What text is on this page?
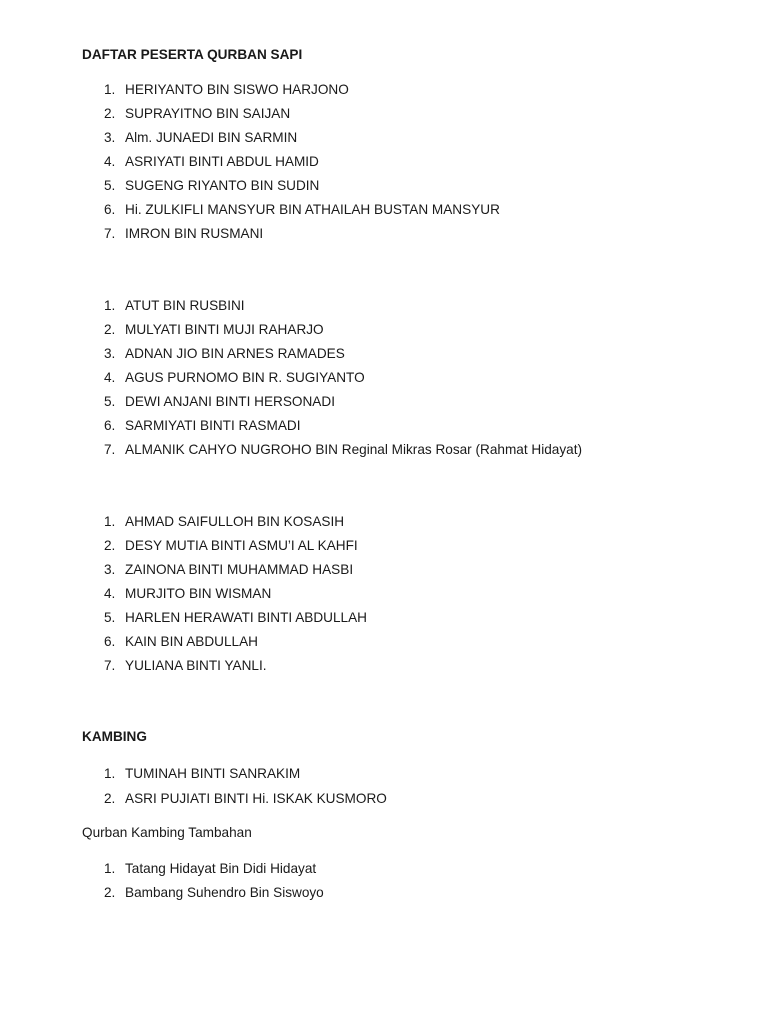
DAFTAR PESERTA QURBAN SAPI
1. HERIYANTO BIN SISWO HARJONO
2. SUPRAYITNO BIN SAIJAN
3. Alm. JUNAEDI BIN SARMIN
4. ASRIYATI BINTI ABDUL HAMID
5. SUGENG RIYANTO BIN SUDIN
6. Hi. ZULKIFLI MANSYUR BIN ATHAILAH BUSTAN MANSYUR
7. IMRON BIN RUSMANI
1. ATUT BIN RUSBINI
2. MULYATI BINTI MUJI RAHARJO
3. ADNAN JIO BIN ARNES RAMADES
4. AGUS PURNOMO BIN R. SUGIYANTO
5. DEWI ANJANI BINTI HERSONADI
6. SARMIYATI BINTI RASMADI
7. ALMANIK CAHYO NUGROHO BIN Reginal Mikras Rosar (Rahmat Hidayat)
1. AHMAD SAIFULLOH BIN KOSASIH
2. DESY MUTIA BINTI ASMU’I AL KAHFI
3. ZAINONA BINTI MUHAMMAD HASBI
4. MURJITO BIN WISMAN
5. HARLEN HERAWATI BINTI ABDULLAH
6. KAIN BIN ABDULLAH
7. YULIANA BINTI YANLI.
KAMBING
1. TUMINAH BINTI SANRAKIM
2. ASRI PUJIATI BINTI Hi. ISKAK KUSMORO
Qurban Kambing Tambahan
1. Tatang Hidayat Bin Didi Hidayat
2. Bambang Suhendro Bin Siswoyo
